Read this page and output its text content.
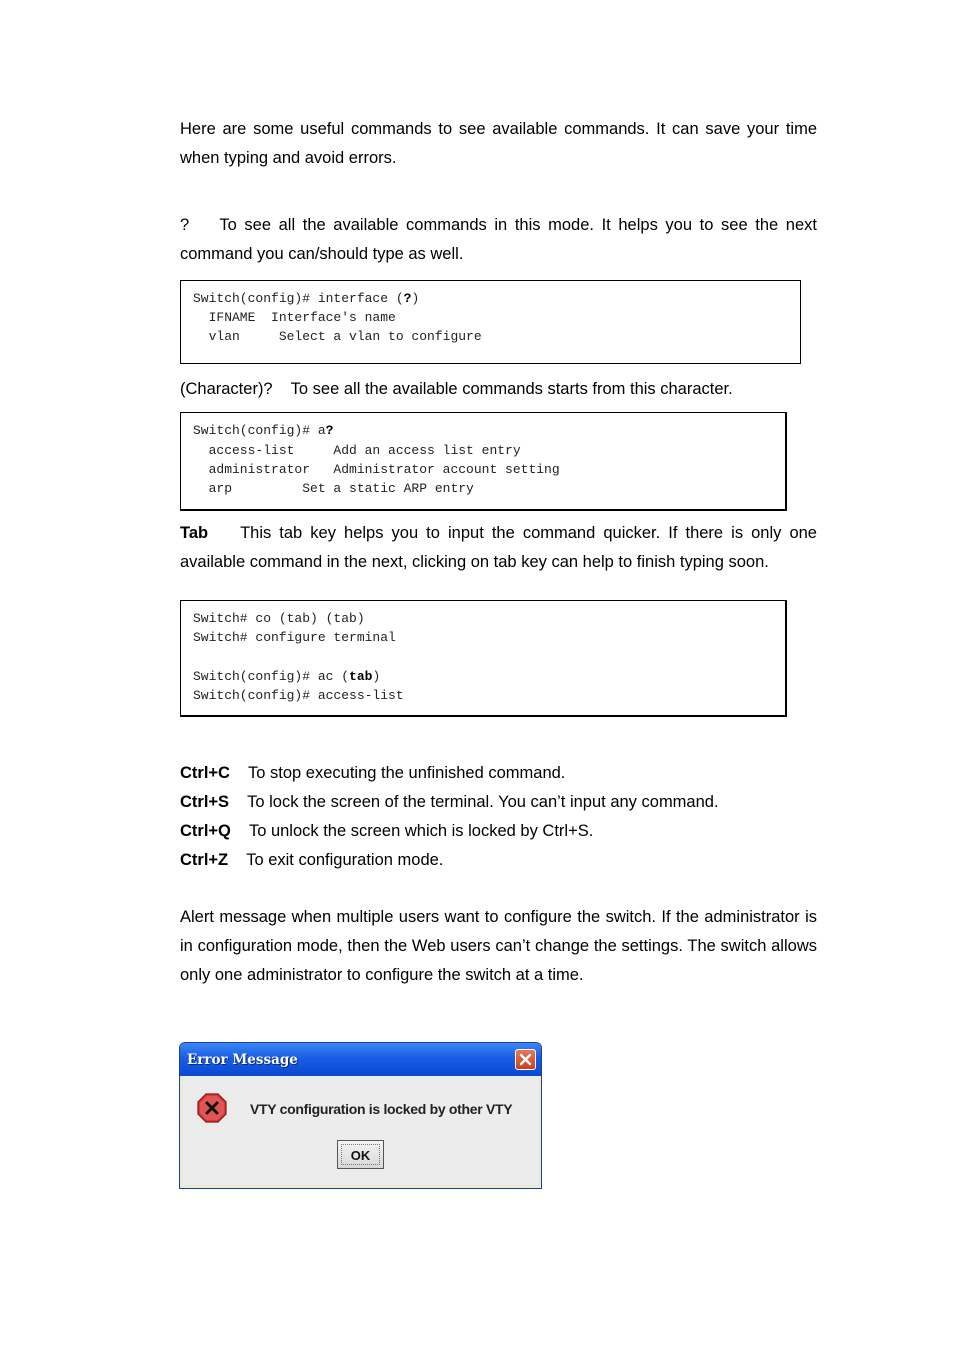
Here are some useful commands to see available commands. It can save your time when typing and avoid errors.

? To see all the available commands in this mode. It helps you to see the next command you can/should type as well.

Switch(config)# interface (?)
IFNAME  Interface's name
vlan     Select a vlan to configure

(Character)? To see all the available commands starts from this character.

Switch(config)# a?
access-list     Add an access list entry
administrator   Administrator account setting
arp         Set a static ARP entry

Tab This tab key helps you to input the command quicker. If there is only one available command in the next, clicking on tab key can help to finish typing soon.

Switch# co (tab) (tab)
Switch# configure terminal
Switch(config)# ac (tab)
Switch(config)# access-list
Ctrl+C To stop executing the unfinished command.
Ctrl+S To lock the screen of the terminal. You can’t input any command.
Ctrl+Q To unlock the screen which is locked by Ctrl+S.
Ctrl+Z To exit configuration mode.

Alert message when multiple users want to configure the switch. If the administrator is in configuration mode, then the Web users can’t change the settings. The switch allows only one administrator to configure the switch at a time.

Error Message
VTY configuration is locked by other VTY
OK
